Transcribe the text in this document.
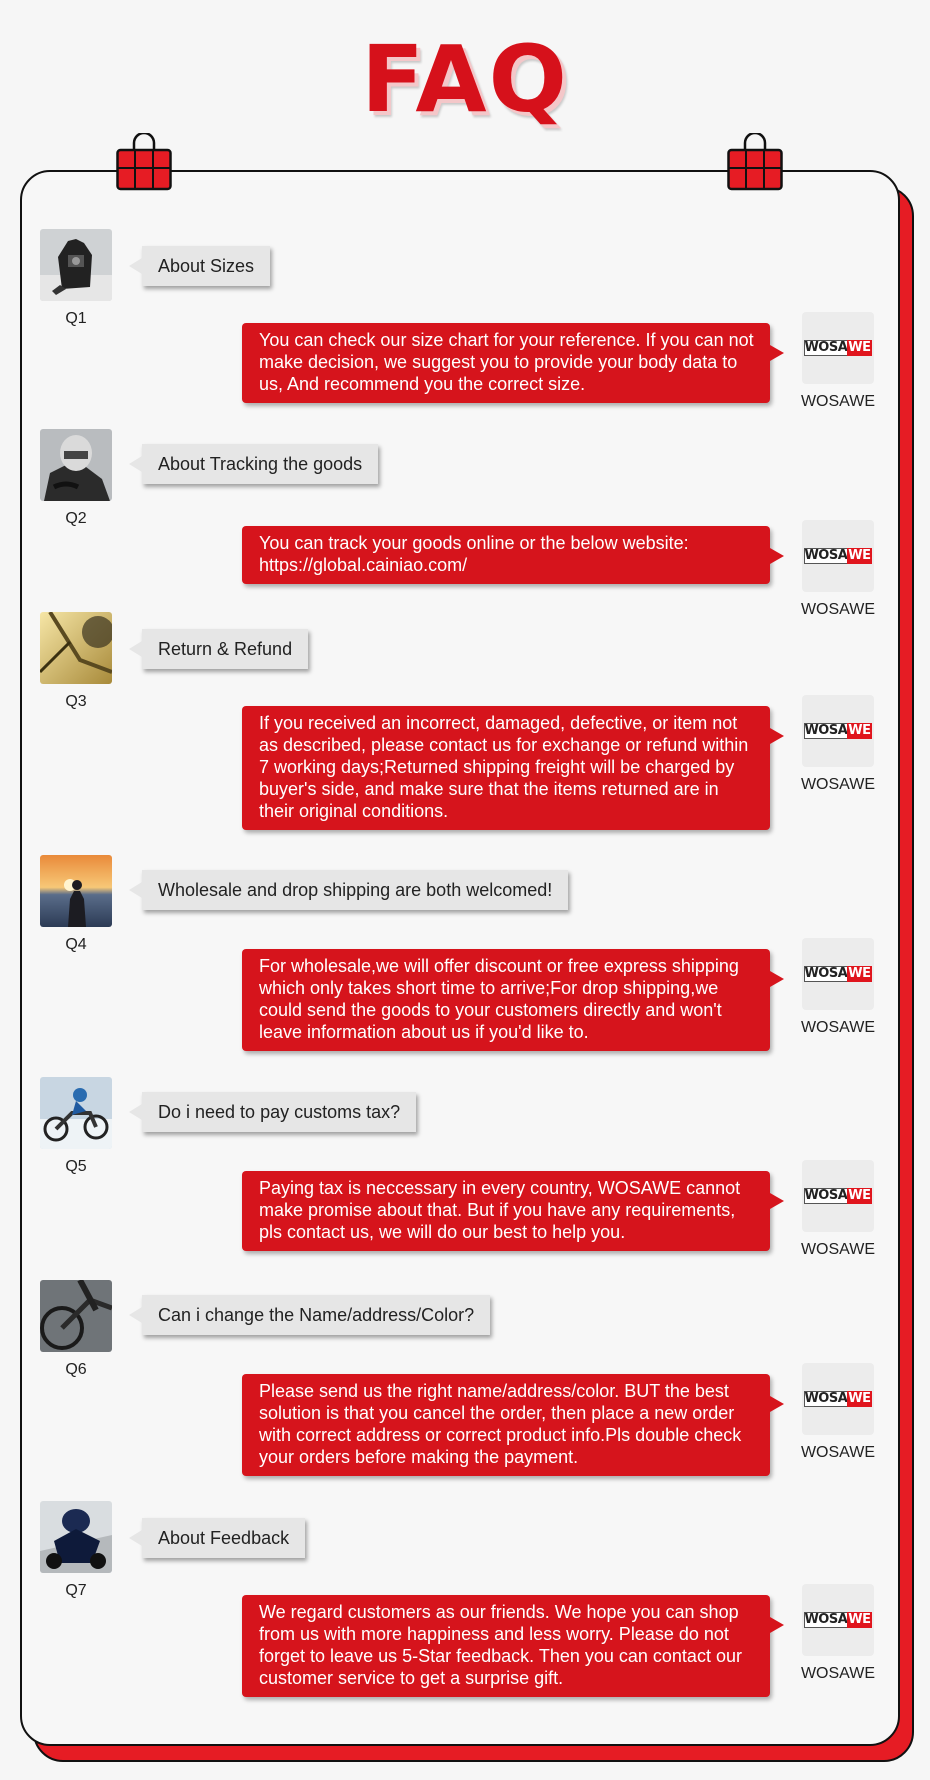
FAQ
Q1
About Sizes
You can check our size chart for your reference. If you can not make decision, we suggest you to provide your body data to us, And recommend you the correct size.
WOSA WE
WOSAWE
Q2
About Tracking the goods
You can track your goods online or the below website: https://global.cainiao.com/	WOSA WE
WOSAWE
Q3
Return & Refund
If you received an incorrect, damaged, defective, or item not as described, please contact us for exchange or refund within 7 working days;Returned shipping freight will be charged by buyer's side, and make sure that the items returned are in their original conditions.
WOSA WE
WOSAWE
Q4
Wholesale and drop shipping are both welcomed!
For wholesale,we will offer discount or free express shipping which only takes short time to arrive;For drop shipping,we could send the goods to your customers directly and won't leave information about us if you'd like to.
WOSA WE
WOSAWE
Q5
Do i need to pay customs tax?
Paying tax is neccessary in every country, WOSAWE cannot make promise about that. But if you have any requirements, pls contact us, we will do our best to help you.
WOSA WE
WOSAWE
Q6
Can i change the Name/address/Color?
Please send us the right name/address/color. BUT the best solution is that you cancel the order, then place a new order with correct address or correct product info.Pls double check your orders before making the payment.
WOSA WE
WOSAWE
Q7
About Feedback
We regard customers as our friends. We hope you can shop from us with more happiness and less worry. Please do not forget to leave us 5-Star feedback. Then you can contact our customer service to get a surprise gift.
WOSA WE
WOSAWE
